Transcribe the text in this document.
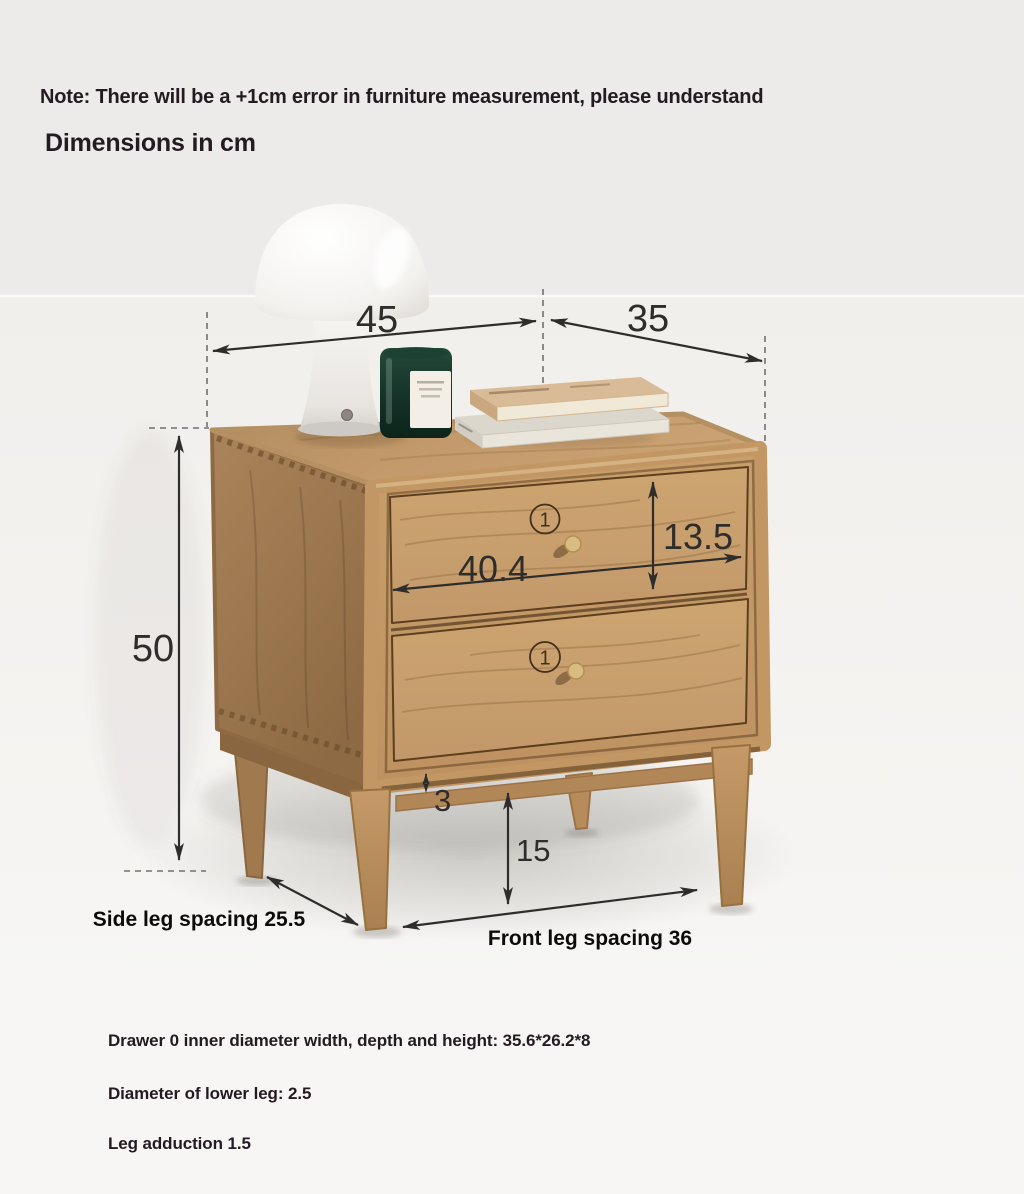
1
1
45	35
50
40.4
13.5
3
15
Side leg spacing 25.5
Front leg spacing 36
Note: There will be a +1cm error in furniture measurement, please understand
Dimensions in cm
Drawer 0 inner diameter width, depth and height: 35.6*26.2*8
Diameter of lower leg: 2.5
Leg adduction 1.5
